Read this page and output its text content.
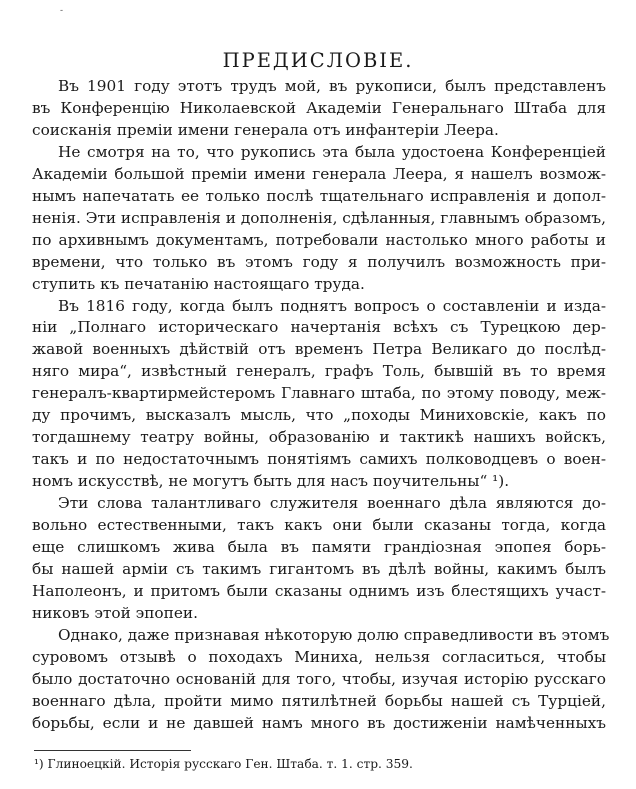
-
ПРЕДИСЛОВІЕ.

Въ 1901 году этотъ трудъ мой, въ рукописи, былъ представленъ
въ Конференцію Николаевской Академіи Генеральнаго Штаба для
соисканія преміи имени генерала отъ инфантеріи Леера.

Не смотря на то, что рукопись эта была удостоена Конференціей
Академіи большой преміи имени генерала Леера, я нашелъ возмож-
нымъ напечатать ее только послѣ тщательнаго исправленія и допол-
ненія. Эти исправленія и дополненія, сдѣланныя, главнымъ образомъ,
по архивнымъ документамъ, потребовали настолько много работы и
времени, что только въ этомъ году я получилъ возможность при-
ступить къ печатанію настоящаго труда.

Въ 1816 году, когда былъ поднятъ вопросъ о составленіи и изда-
ніи „Полнаго историческаго начертанія всѣхъ съ Турецкою дер-
жавой военныхъ дѣйствій отъ временъ Петра Великаго до послѣд-
няго мира“, извѣстный генералъ, графъ Толь, бывшій въ то время
генералъ-квартирмейстеромъ Главнаго штаба, по этому поводу, меж-
ду прочимъ, высказалъ мысль, что „походы Миниховскіе, какъ по
тогдашнему театру войны, образованію и тактикѣ нашихъ войскъ,
такъ и по недостаточнымъ понятіямъ самихъ полководцевъ о воен-
номъ искусствѣ, не могутъ быть для насъ поучительны“ ¹).

Эти слова талантливаго служителя военнаго дѣла являются до-
вольно естественными, такъ какъ они были сказаны тогда, когда
еще слишкомъ жива была въ памяти грандіозная эпопея борь-
бы нашей арміи съ такимъ гигантомъ въ дѣлѣ войны, какимъ былъ
Наполеонъ, и притомъ были сказаны однимъ изъ блестящихъ участ-
никовъ этой эпопеи.

Однако, даже признавая нѣкоторую долю справедливости въ этомъ
суровомъ отзывѣ о походахъ Миниха, нельзя согласиться, чтобы
было достаточно основаній для того, чтобы, изучая исторію русскаго
военнаго дѣла, пройти мимо пятилѣтней борьбы нашей съ Турціей,
борьбы, если и не давшей намъ много въ достиженіи намѣченныхъ

¹) Глиноецкій. Исторія русскаго Ген. Штаба. т. 1. стр. 359.
